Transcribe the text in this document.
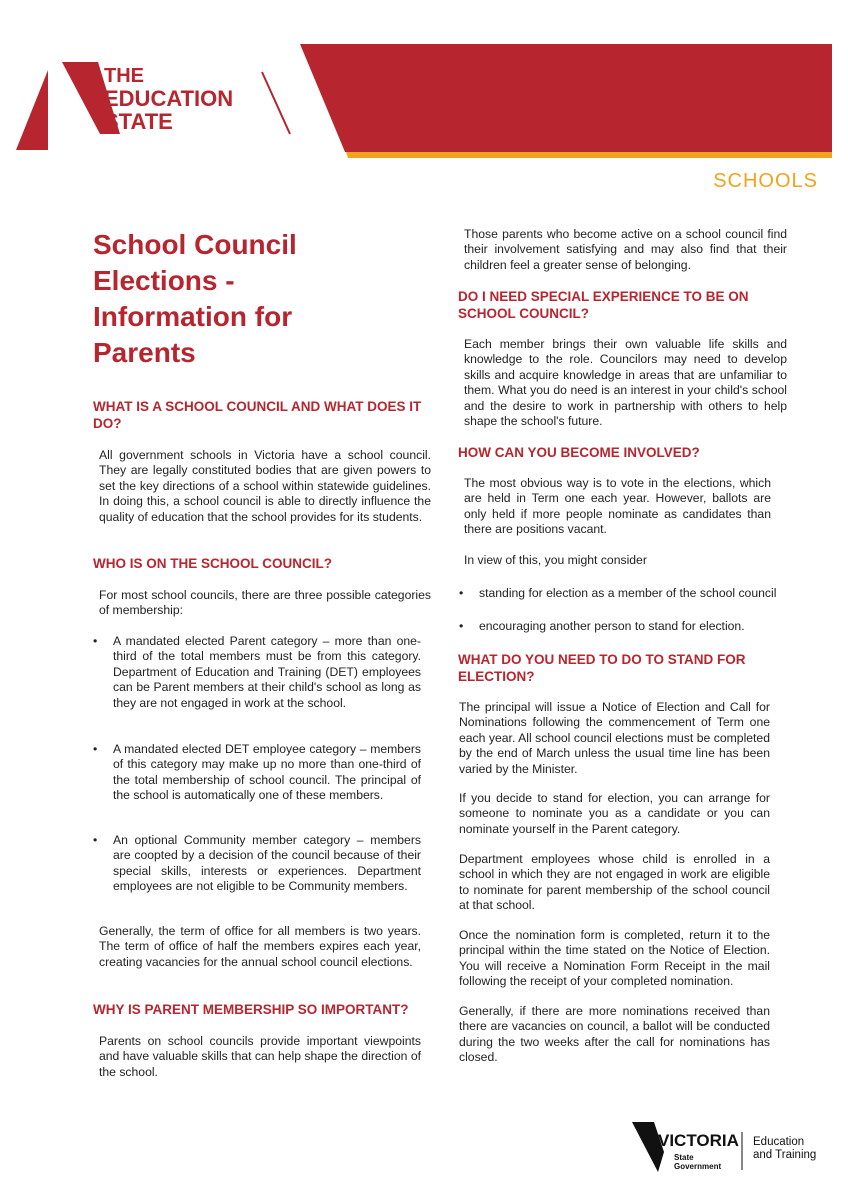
THE
EDUCATION
STATE
SCHOOLS
School Council
Elections -
Information for
Parents
WHAT IS A SCHOOL COUNCIL AND WHAT DOES IT DO?
All government schools in Victoria have a school council. They are legally constituted bodies that are given powers to set the key directions of a school within statewide guidelines. In doing this, a school council is able to directly influence the quality of education that the school provides for its students.
WHO IS ON THE SCHOOL COUNCIL?
For most school councils, there are three possible categories of membership:
• A mandated elected Parent category – more than one-third of the total members must be from this category. Department of Education and Training (DET) employees can be Parent members at their child's school as long as they are not engaged in work at the school.
• A mandated elected DET employee category – members of this category may make up no more than one-third of the total membership of school council. The principal of the school is automatically one of these members.
• An optional Community member category – members are coopted by a decision of the council because of their special skills, interests or experiences. Department employees are not eligible to be Community members.
Generally, the term of office for all members is two years. The term of office of half the members expires each year, creating vacancies for the annual school council elections.
WHY IS PARENT MEMBERSHIP SO IMPORTANT?
Parents on school councils provide important viewpoints and have valuable skills that can help shape the direction of the school.
Those parents who become active on a school council find their involvement satisfying and may also find that their children feel a greater sense of belonging.
DO I NEED SPECIAL EXPERIENCE TO BE ON SCHOOL COUNCIL?
Each member brings their own valuable life skills and knowledge to the role. Councilors may need to develop skills and acquire knowledge in areas that are unfamiliar to them. What you do need is an interest in your child's school and the desire to work in partnership with others to help shape the school's future.
HOW CAN YOU BECOME INVOLVED?
The most obvious way is to vote in the elections, which are held in Term one each year. However, ballots are only held if more people nominate as candidates than there are positions vacant.
In view of this, you might consider
• standing for election as a member of the school council
• encouraging another person to stand for election.
WHAT DO YOU NEED TO DO TO STAND FOR ELECTION?
The principal will issue a Notice of Election and Call for Nominations following the commencement of Term one each year. All school council elections must be completed by the end of March unless the usual time line has been varied by the Minister.
If you decide to stand for election, you can arrange for someone to nominate you as a candidate or you can nominate yourself in the Parent category.
Department employees whose child is enrolled in a school in which they are not engaged in work are eligible to nominate for parent membership of the school council at that school.
Once the nomination form is completed, return it to the principal within the time stated on the Notice of Election. You will receive a Nomination Form Receipt in the mail following the receipt of your completed nomination.
Generally, if there are more nominations received than there are vacancies on council, a ballot will be conducted during the two weeks after the call for nominations has closed.
VICTORIA
State
Government
Education
and Training
